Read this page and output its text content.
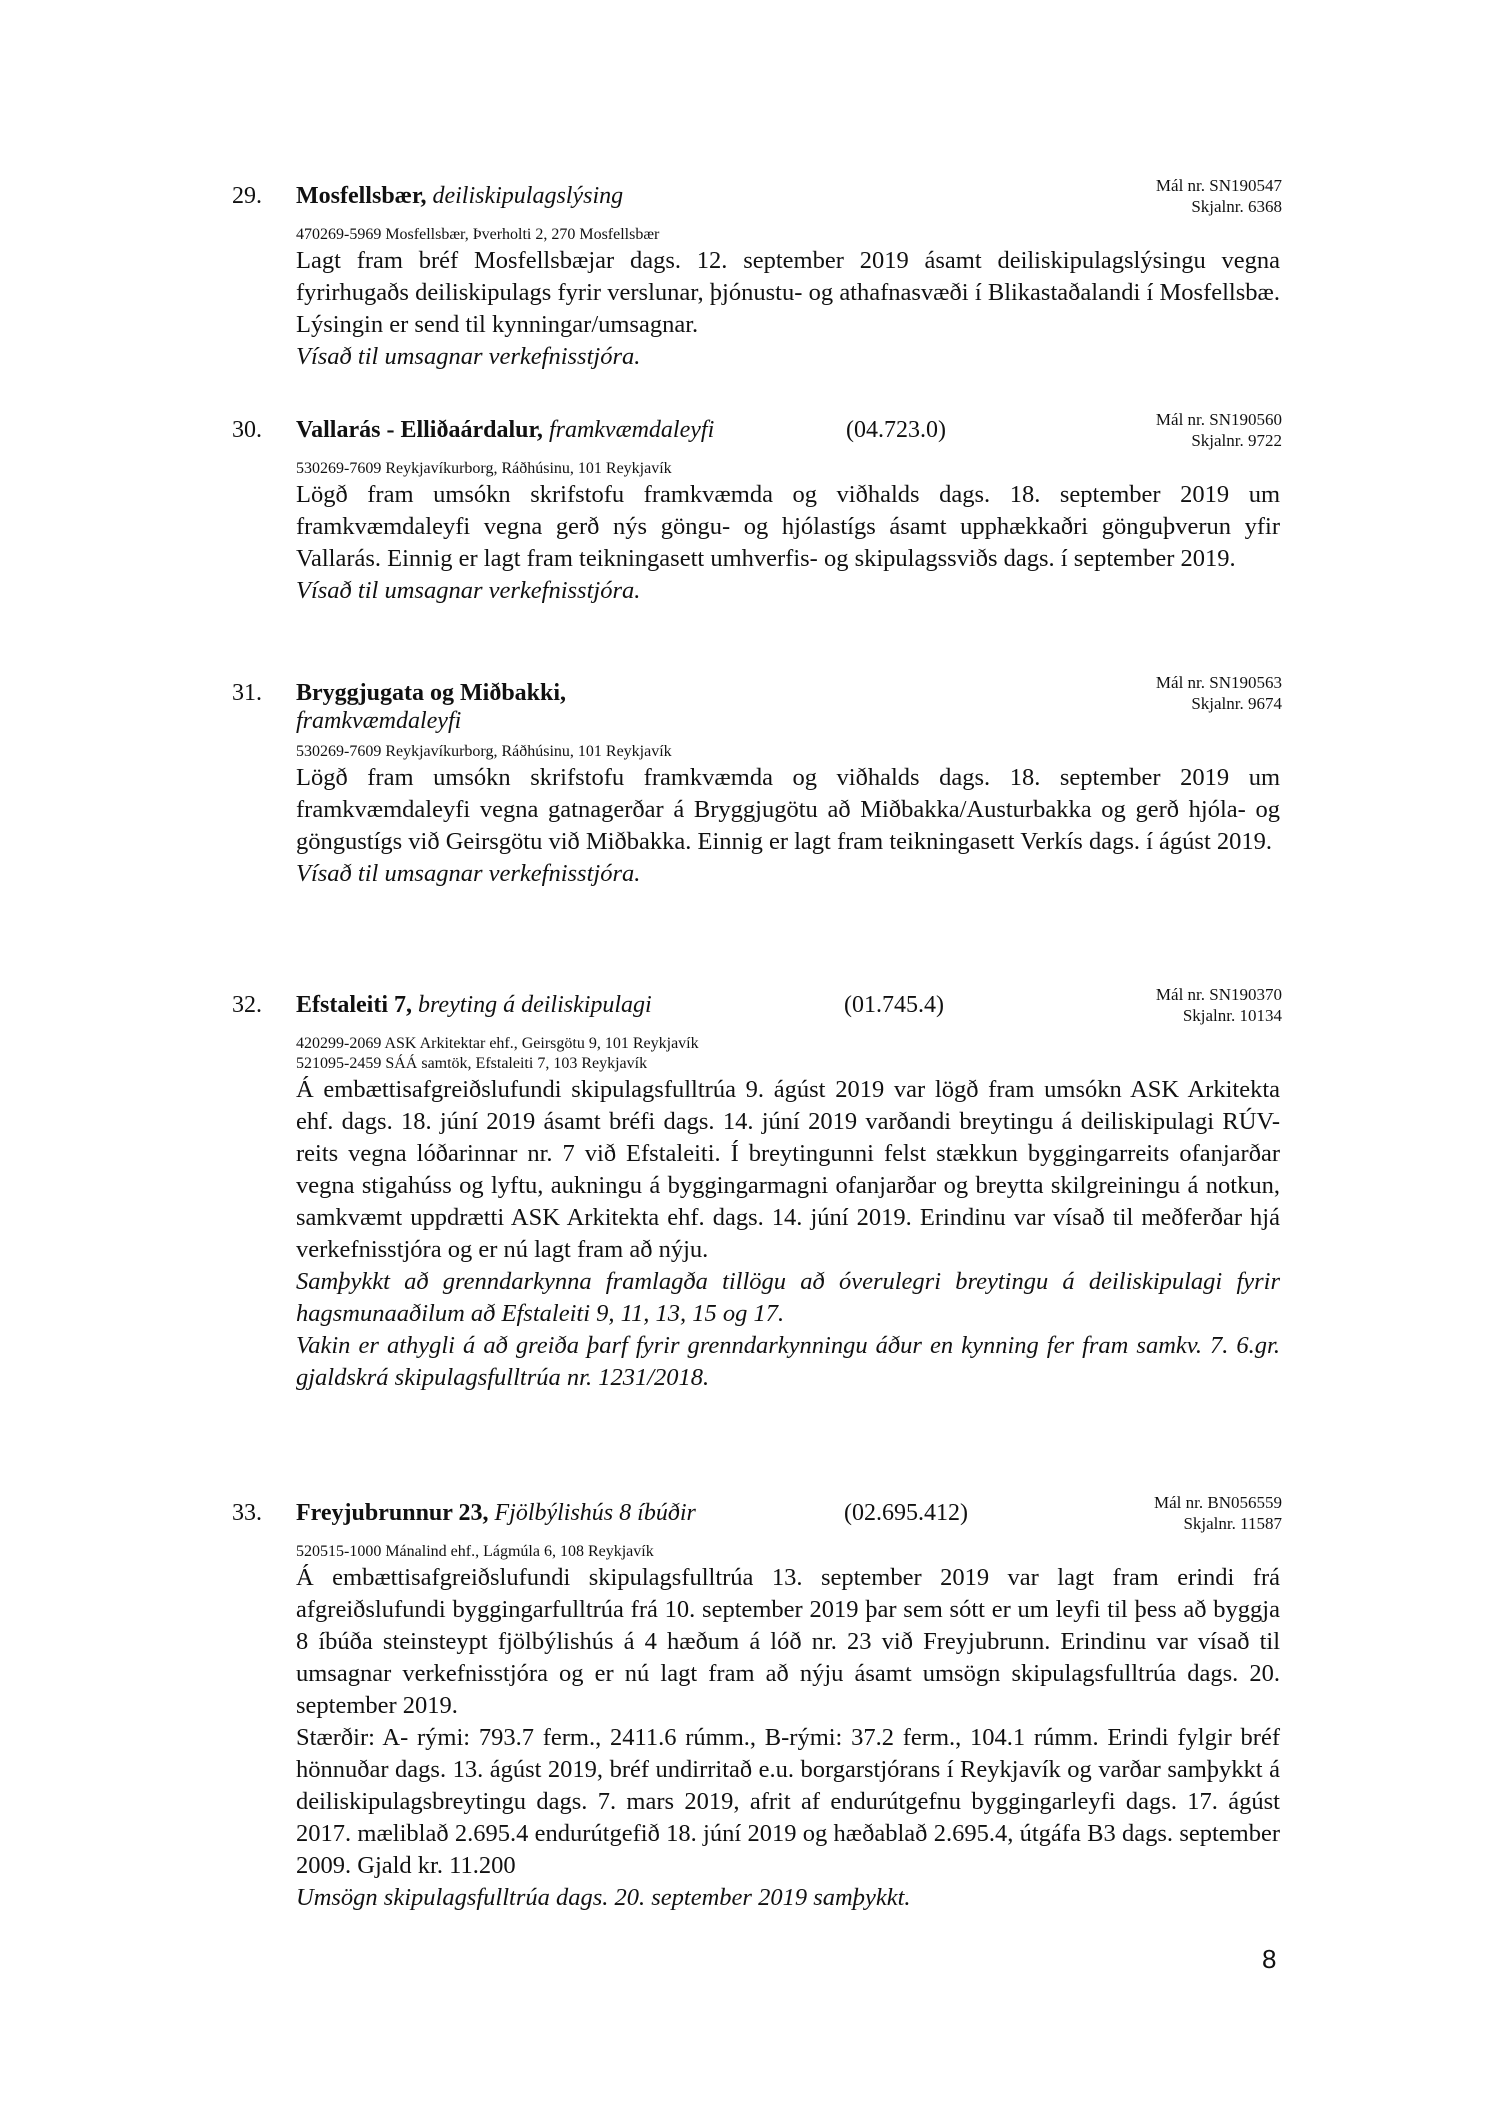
29. Mosfellsbær, deiliskipulagslýsing	Mál nr. SN190547
Skjalnr. 6368
470269-5969 Mosfellsbær, Þverholti 2, 270 Mosfellsbær

Lagt fram bréf Mosfellsbæjar dags. 12. september 2019 ásamt deiliskipulagslýsingu vegna fyrirhugaðs deiliskipulags fyrir verslunar, þjónustu- og athafnasvæði í Blikastaðalandi í Mosfellsbæ. Lýsingin er send til kynningar/umsagnar.

Vísað til umsagnar verkefnisstjóra.

30. Vallarás - Elliðaárdalur, framkvæmdaleyfi	(04.723.0)	Mál nr. SN190560
Skjalnr. 9722
530269-7609 Reykjavíkurborg, Ráðhúsinu, 101 Reykjavík

Lögð fram umsókn skrifstofu framkvæmda og viðhalds dags. 18. september 2019 um framkvæmdaleyfi vegna gerð nýs göngu- og hjólastígs ásamt upphækkaðri gönguþverun yfir Vallarás. Einnig er lagt fram teikningasett umhverfis- og skipulagssviðs dags. í september 2019.

Vísað til umsagnar verkefnisstjóra.

31. Bryggjugata og Miðbakki,
framkvæmdaleyfi
Mál nr. SN190563
Skjalnr. 9674
530269-7609 Reykjavíkurborg, Ráðhúsinu, 101 Reykjavík

Lögð fram umsókn skrifstofu framkvæmda og viðhalds dags. 18. september 2019 um framkvæmdaleyfi vegna gatnagerðar á Bryggjugötu að Miðbakka/Austurbakka og gerð hjóla- og göngustígs við Geirsgötu við Miðbakka. Einnig er lagt fram teikningasett Verkís dags. í ágúst 2019.

Vísað til umsagnar verkefnisstjóra.

32. Efstaleiti 7, breyting á deiliskipulagi	(01.745.4)	Mál nr. SN190370
Skjalnr. 10134
420299-2069 ASK Arkitektar ehf., Geirsgötu 9, 101 Reykjavík
521095-2459 SÁÁ samtök, Efstaleiti 7, 103 Reykjavík

Á embættisafgreiðslufundi skipulagsfulltrúa 9. ágúst 2019 var lögð fram umsókn ASK Arkitekta ehf. dags. 18. júní 2019 ásamt bréfi dags. 14. júní 2019 varðandi breytingu á deiliskipulagi RÚV-reits vegna lóðarinnar nr. 7 við Efstaleiti. Í breytingunni felst stækkun byggingarreits ofanjarðar vegna stigahúss og lyftu, aukningu á byggingarmagni ofanjarðar og breytta skilgreiningu á notkun, samkvæmt uppdrætti ASK Arkitekta ehf. dags. 14. júní 2019. Erindinu var vísað til meðferðar hjá verkefnisstjóra og er nú lagt fram að nýju.

Samþykkt að grenndarkynna framlagða tillögu að óverulegri breytingu á deiliskipulagi fyrir hagsmunaaðilum að Efstaleiti 9, 11, 13, 15 og 17.

Vakin er athygli á að greiða þarf fyrir grenndarkynningu áður en kynning fer fram samkv. 7. 6.gr. gjaldskrá skipulagsfulltrúa nr. 1231/2018.

33. Freyjubrunnur 23, Fjölbýlishús 8 íbúðir	(02.695.412)	Mál nr. BN056559
Skjalnr. 11587
520515-1000 Mánalind ehf., Lágmúla 6, 108 Reykjavík

Á embættisafgreiðslufundi skipulagsfulltrúa 13. september 2019 var lagt fram erindi frá afgreiðslufundi byggingarfulltrúa frá 10. september 2019 þar sem sótt er um leyfi til þess að byggja 8 íbúða steinsteypt fjölbýlishús á 4 hæðum á lóð nr. 23 við Freyjubrunn. Erindinu var vísað til umsagnar verkefnisstjóra og er nú lagt fram að nýju ásamt umsögn skipulagsfulltrúa dags. 20. september 2019.

Stærðir: A- rými: 793.7 ferm., 2411.6 rúmm., B-rými: 37.2 ferm., 104.1 rúmm. Erindi fylgir bréf hönnuðar dags. 13. ágúst 2019, bréf undirritað e.u. borgarstjórans í Reykjavík og varðar samþykkt á deiliskipulagsbreytingu dags. 7. mars 2019, afrit af endurútgefnu byggingarleyfi dags. 17. ágúst 2017. mæliblað 2.695.4 endurútgefið 18. júní 2019 og hæðablað 2.695.4, útgáfa B3 dags. september 2009. Gjald kr. 11.200

Umsögn skipulagsfulltrúa dags. 20. september 2019 samþykkt.

8
